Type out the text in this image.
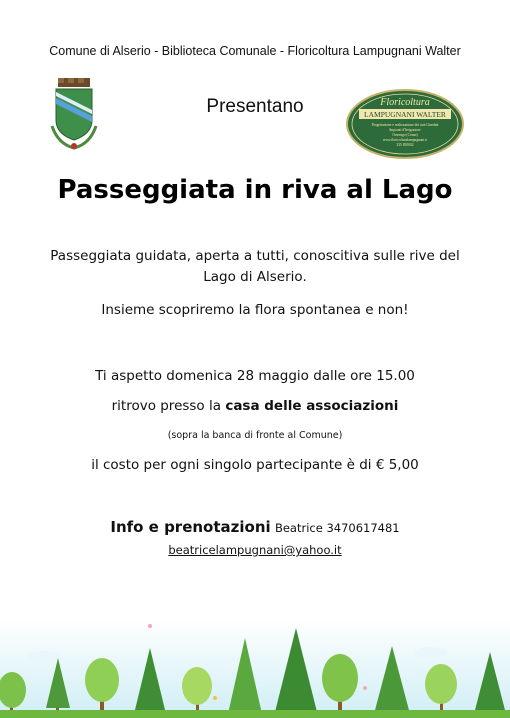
Comune di Alserio - Biblioteca Comunale - Floricoltura Lampugnani Walter
Presentano	Floricoltura
LAMPUGNANI WALTER
Progettazione e realizzazione dei tuoi Giardini
Impianti d'Irrigazione
Orsenigo (Como)
www.floricolturalampugnani.it
335 850002
Passeggiata in riva al Lago
Passeggiata guidata, aperta a tutti, conoscitiva sulle rive del Lago di Alserio.
Insieme scopriremo la flora spontanea e non!
Ti aspetto domenica 28 maggio dalle ore 15.00
ritrovo presso la casa delle associazioni
(sopra la banca di fronte al Comune)
il costo per ogni singolo partecipante è di € 5,00
Info e prenotazioni Beatrice 3470617481
beatricelampugnani@yahoo.it
